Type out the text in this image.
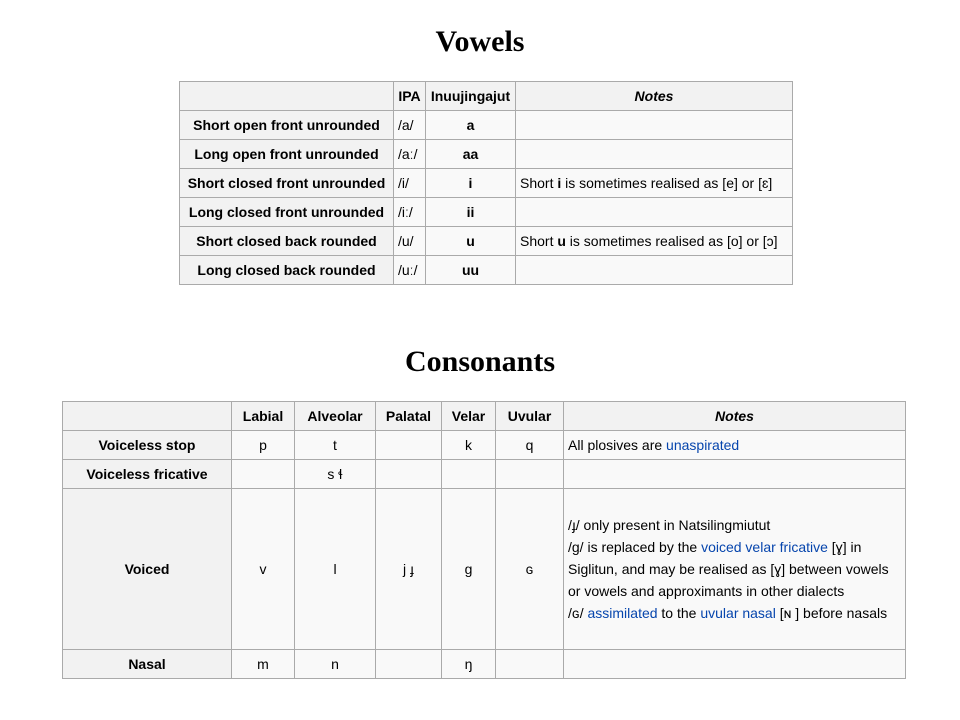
Vowels
	IPA	Inuujingajut	Notes
Short open front unrounded	/a/	a	
Long open front unrounded	/aː/	aa	
Short closed front unrounded	/i/	i	Short i is sometimes realised as [e] or [ɛ]
Long closed front unrounded	/iː/	ii	
Short closed back rounded	/u/	u	Short u is sometimes realised as [o] or [ɔ]
Long closed back rounded	/uː/	uu	
Consonants
	Labial	Alveolar	Palatal	Velar	Uvular	Notes
Voiceless stop	p	t		k	q	All plosives are unaspirated
Voiceless fricative		s ɬ				
Voiced	v	l	j ɟ	g	ɢ	/ɟ/ only present in Natsilingmiutut
/g/ is replaced by the voiced velar fricative [ɣ] in Siglitun, and may be realised as [ɣ] between vowels or vowels and approximants in other dialects
/ɢ/ assimilated to the uvular nasal [ɴ ] before nasals

Nasal	m	n		ŋ		
